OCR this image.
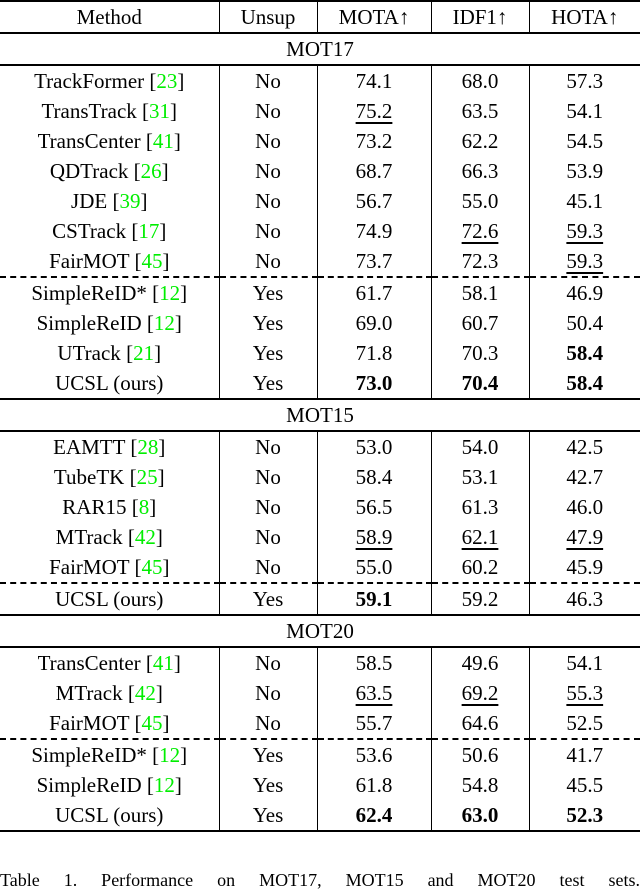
Method	Unsup	MOTA↑	IDF1↑	HOTA↑
MOT17				
TrackFormer [23]	No	74.1	68.0	57.3
TransTrack [31]	No	75.2	63.5	54.1
TransCenter [41]	No	73.2	62.2	54.5
QDTrack [26]	No	68.7	66.3	53.9
JDE [39]	No	56.7	55.0	45.1
CSTrack [17]	No	74.9	72.6	59.3
FairMOT [45]	No	73.7	72.3	59.3
SimpleReID* [12]	Yes	61.7	58.1	46.9
SimpleReID [12]	Yes	69.0	60.7	50.4
UTrack [21]	Yes	71.8	70.3	58.4
UCSL (ours)	Yes	73.0	70.4	58.4
MOT15				
EAMTT [28]	No	53.0	54.0	42.5
TubeTK [25]	No	58.4	53.1	42.7
RAR15 [8]	No	56.5	61.3	46.0
MTrack [42]	No	58.9	62.1	47.9
FairMOT [45]	No	55.0	60.2	45.9
UCSL (ours)	Yes	59.1	59.2	46.3
MOT20				
TransCenter [41]	No	58.5	49.6	54.1
MTrack [42]	No	63.5	69.2	55.3
FairMOT [45]	No	55.7	64.6	52.5
SimpleReID* [12]	Yes	53.6	50.6	41.7
SimpleReID [12]	Yes	61.8	54.8	45.5
UCSL (ours)	Yes	62.4	63.0	52.3
Table 1. Performance on MOT17, MOT15 and MOT20 test sets.
